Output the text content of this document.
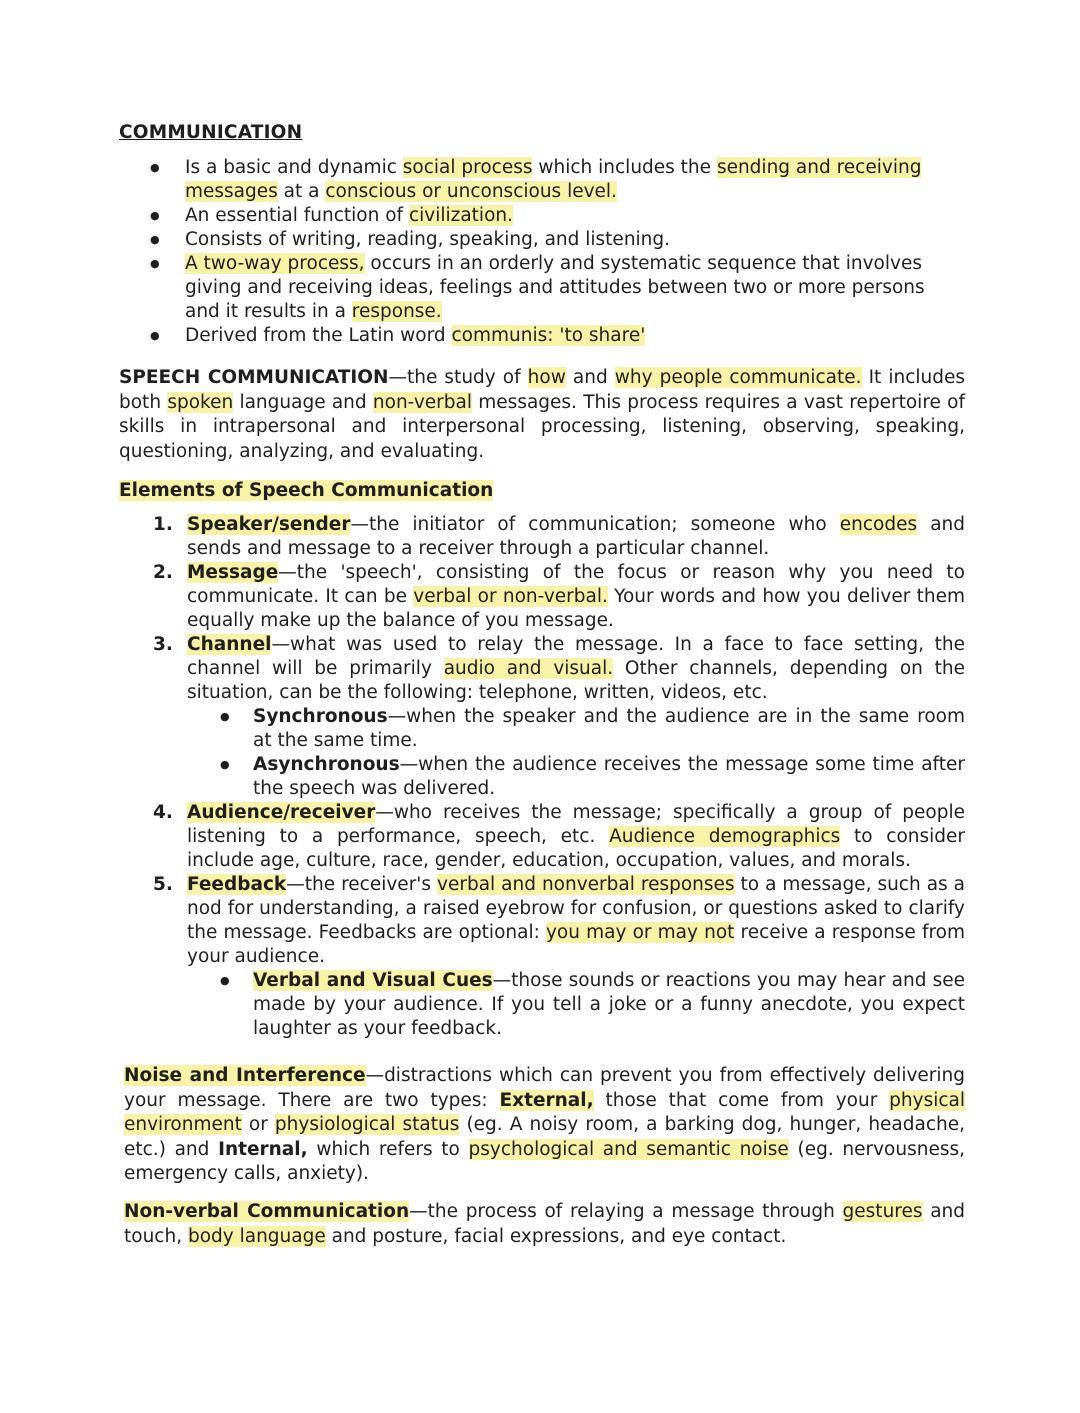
COMMUNICATION
● Is a basic and dynamic social process which includes the sending and receiving messages at a conscious or unconscious level.
● An essential function of civilization.
● Consists of writing, reading, speaking, and listening.
● A two-way process, occurs in an orderly and systematic sequence that involves giving and receiving ideas, feelings and attitudes between two or more persons and it results in a response.
● Derived from the Latin word communis: 'to share'
SPEECH COMMUNICATION—the study of how and why people communicate. It includes both spoken language and non-verbal messages. This process requires a vast repertoire of skills in intrapersonal and interpersonal processing, listening, observing, speaking, questioning, analyzing, and evaluating.
Elements of Speech Communication
1. Speaker/sender—the initiator of communication; someone who encodes and sends and message to a receiver through a particular channel.
2. Message—the 'speech', consisting of the focus or reason why you need to communicate. It can be verbal or non-verbal. Your words and how you deliver them equally make up the balance of you message.
3. Channel—what was used to relay the message. In a face to face setting, the channel will be primarily audio and visual. Other channels, depending on the situation, can be the following: telephone, written, videos, etc.
● Synchronous—when the speaker and the audience are in the same room at the same time.
● Asynchronous—when the audience receives the message some time after the speech was delivered.
4. Audience/receiver—who receives the message; specifically a group of people listening to a performance, speech, etc. Audience demographics to consider include age, culture, race, gender, education, occupation, values, and morals.
5. Feedback—the receiver's verbal and nonverbal responses to a message, such as a nod for understanding, a raised eyebrow for confusion, or questions asked to clarify the message. Feedbacks are optional: you may or may not receive a response from your audience.
● Verbal and Visual Cues—those sounds or reactions you may hear and see made by your audience. If you tell a joke or a funny anecdote, you expect laughter as your feedback.
Noise and Interference—distractions which can prevent you from effectively delivering your message. There are two types: External, those that come from your physical environment or physiological status (eg. A noisy room, a barking dog, hunger, headache, etc.) and Internal, which refers to psychological and semantic noise (eg. nervousness, emergency calls, anxiety).
Non-verbal Communication—the process of relaying a message through gestures and touch, body language and posture, facial expressions, and eye contact.
